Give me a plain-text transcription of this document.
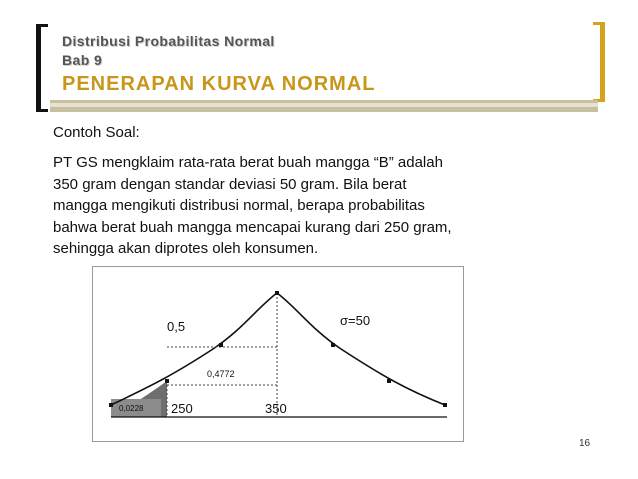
Distribusi Probabilitas Normal
Bab 9
PENERAPAN KURVA NORMAL
Contoh Soal:
PT GS mengklaim rata-rata berat buah mangga “B” adalah
350 gram dengan standar deviasi 50 gram. Bila berat
mangga mengikuti distribusi normal, berapa probabilitas
bahwa berat buah mangga mencapai kurang dari 250 gram,
sehingga akan diprotes oleh konsumen.
0,5	σ=50
0,4772
0,0228 250	350
16
